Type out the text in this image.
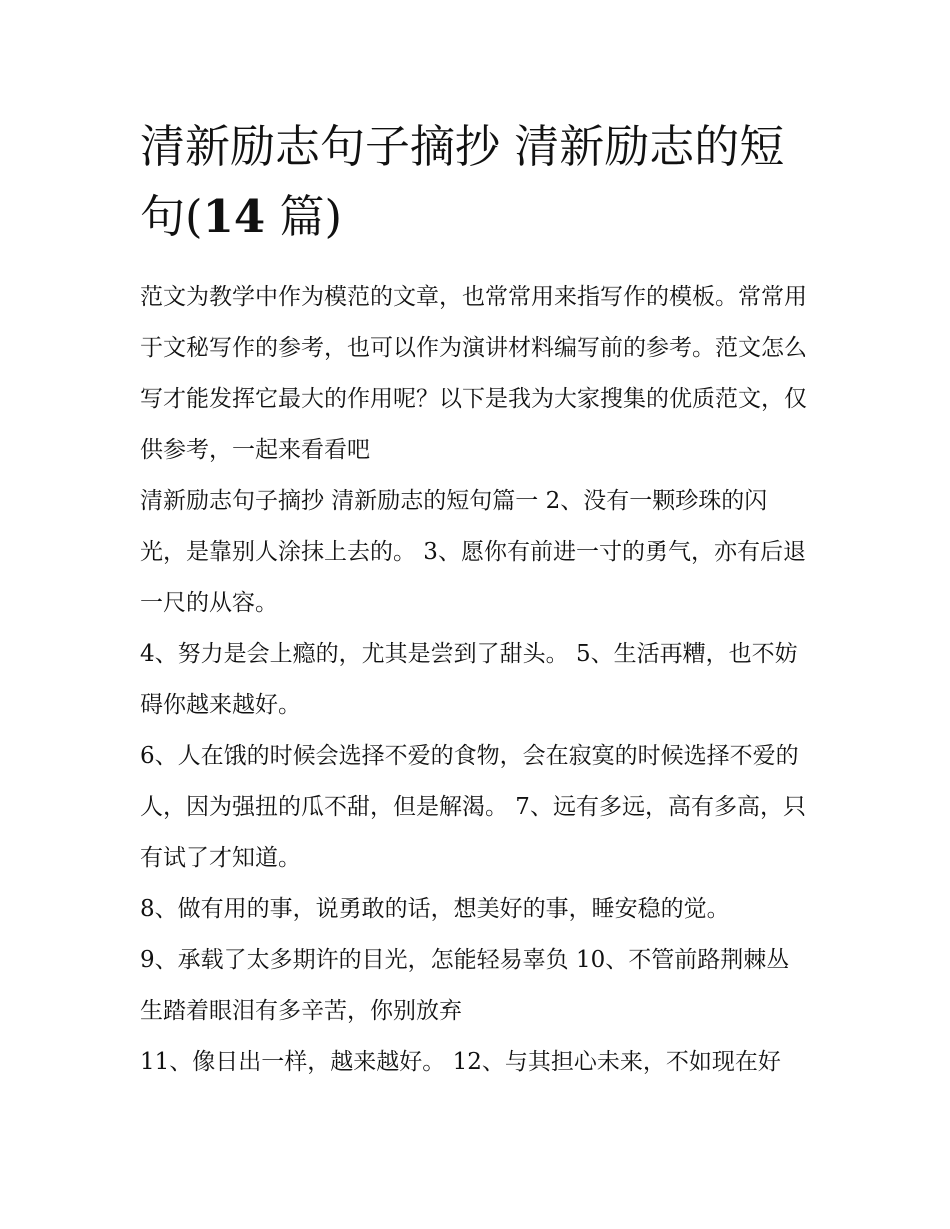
清新励志句子摘抄 清新励志的短句(14 篇)

范文为教学中作为模范的文章，也常常用来指写作的模板。常常用于文秘写作的参考，也可以作为演讲材料编写前的参考。范文怎么写才能发挥它最大的作用呢？以下是我为大家搜集的优质范文，仅供参考，一起来看看吧

清新励志句子摘抄 清新励志的短句篇一 2、没有一颗珍珠的闪光，是靠别人涂抹上去的。 3、愿你有前进一寸的勇气，亦有后退一尺的从容。

4、努力是会上瘾的，尤其是尝到了甜头。 5、生活再糟，也不妨碍你越来越好。

6、人在饿的时候会选择不爱的食物，会在寂寞的时候选择不爱的人，因为强扭的瓜不甜，但是解渴。 7、远有多远，高有多高，只有试了才知道。

8、做有用的事，说勇敢的话，想美好的事，睡安稳的觉。

9、承载了太多期许的目光，怎能轻易辜负 10、不管前路荆棘丛生踏着眼泪有多辛苦，你别放弃

11、像日出一样，越来越好。 12、与其担心未来，不如现在好
